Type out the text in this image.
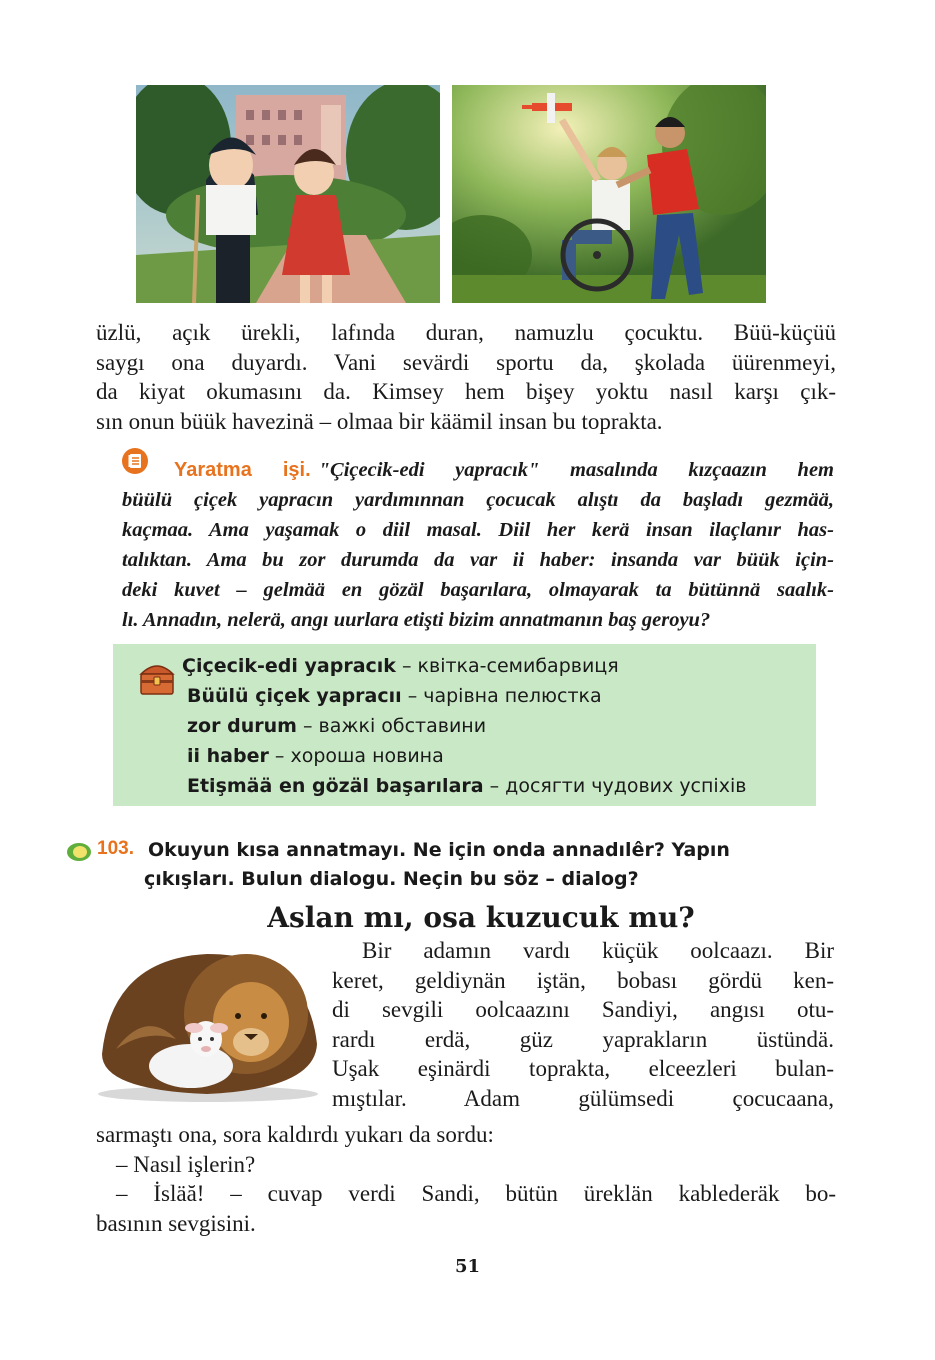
üzlü, açık ürekli, lafında duran, namuzlu çocuktu. Büü-küçüü
saygı ona duyardı. Vani sevärdi sportu da, şkolada üürenmeyi,
da kiyat okumasını da. Kimsey hem bişey yoktu nasıl karşı çık-
sın onun büük havezinä – olmaa bir käämil insan bu toprakta.

Yaratma işi. "Çiçecik-edi yapracık" masalında kızçaazın hem
büülü çiçek yapracın yardımınnan çocucak alıştı da başladı gezmää,
kaçmaa. Ama yaşamak o diil masal. Diil her kerä insan ilaçlanır has-
talıktan. Ama bu zor durumda da var ii haber: insanda var büük için-
deki kuvet – gelmää en gözäl başarılara, olmayarak ta bütünnä saalık-
lı. Annadın, nelerä, angı uurlara etişti bizim annatmanın baş geroyu?
Çiçecik-edi yapracık – квітка-семибарвиця
Büülü çiçek yapracıı – чарівна пелюстка
zor durum – важкі обставини
ii haber – хороша новина
Etişmää en gözäl başarılara – досягти чудових успіхів
103. Okuyun kısa annatmayı. Ne için onda annadılêr? Yapın
çıkışları. Bulun dialogu. Neçin bu söz – dialog?
Aslan mı, osa kuzucuk mu?
Bir adamın vardı küçük oolcaazı. Bir
keret, geldiynän iştän, bobası gördü ken-
di sevgili oolcaazını Sandiyi, angısı otu-
rardı erdä, güz yaprakların üstündä.
Uşak eşinärdi toprakta, elceezleri bulan-
mıştılar. Adam gülümsedi çocucaana,
sarmaştı ona, sora kaldırdı yukarı da sordu:
– Nasıl işlerin?
– İsläă! – cuvap verdi Sandi, bütün üreklän kablederäk bo-
basının sevgisini.
51
